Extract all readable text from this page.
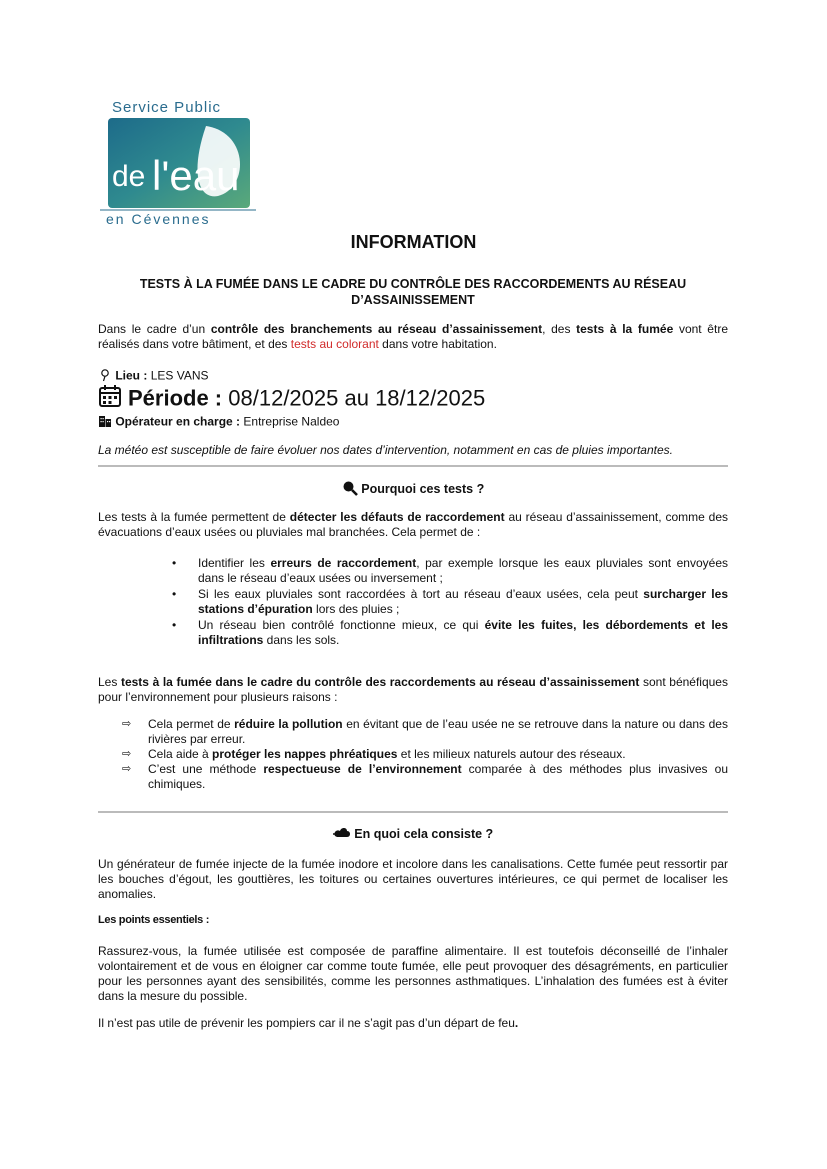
Service Public
de l'eau
en Cévennes
INFORMATION
TESTS À LA FUMÉE DANS LE CADRE DU CONTRÔLE DES RACCORDEMENTS AU RÉSEAU D’ASSAINISSEMENT
Dans le cadre d’un contrôle des branchements au réseau d’assainissement, des tests à la fumée vont être réalisés dans votre bâtiment, et des tests au colorant dans votre habitation.
Lieu : LES VANS
Période : 08/12/2025 au 18/12/2025
Opérateur en charge : Entreprise Naldeo
La météo est susceptible de faire évoluer nos dates d’intervention, notamment en cas de pluies importantes.
Pourquoi ces tests ?
Les tests à la fumée permettent de détecter les défauts de raccordement au réseau d’assainissement, comme des évacuations d’eaux usées ou pluviales mal branchées. Cela permet de :
• Identifier les erreurs de raccordement, par exemple lorsque les eaux pluviales sont envoyées dans le réseau d’eaux usées ou inversement ;
• Si les eaux pluviales sont raccordées à tort au réseau d’eaux usées, cela peut surcharger les stations d’épuration lors des pluies ;
• Un réseau bien contrôlé fonctionne mieux, ce qui évite les fuites, les débordements et les infiltrations dans les sols.
Les tests à la fumée dans le cadre du contrôle des raccordements au réseau d’assainissement sont bénéfiques pour l’environnement pour plusieurs raisons :
⇨ Cela permet de réduire la pollution en évitant que de l’eau usée ne se retrouve dans la nature ou dans des rivières par erreur.
⇨ Cela aide à protéger les nappes phréatiques et les milieux naturels autour des réseaux.
⇨ C’est une méthode respectueuse de l’environnement comparée à des méthodes plus invasives ou chimiques.
En quoi cela consiste ?
Un générateur de fumée injecte de la fumée inodore et incolore dans les canalisations. Cette fumée peut ressortir par les bouches d’égout, les gouttières, les toitures ou certaines ouvertures intérieures, ce qui permet de localiser les anomalies.
Les points essentiels :
Rassurez-vous, la fumée utilisée est composée de paraffine alimentaire. Il est toutefois déconseillé de l’inhaler volontairement et de vous en éloigner car comme toute fumée, elle peut provoquer des désagréments, en particulier pour les personnes ayant des sensibilités, comme les personnes asthmatiques. L’inhalation des fumées est à éviter dans la mesure du possible.
Il n’est pas utile de prévenir les pompiers car il ne s’agit pas d’un départ de feu.
